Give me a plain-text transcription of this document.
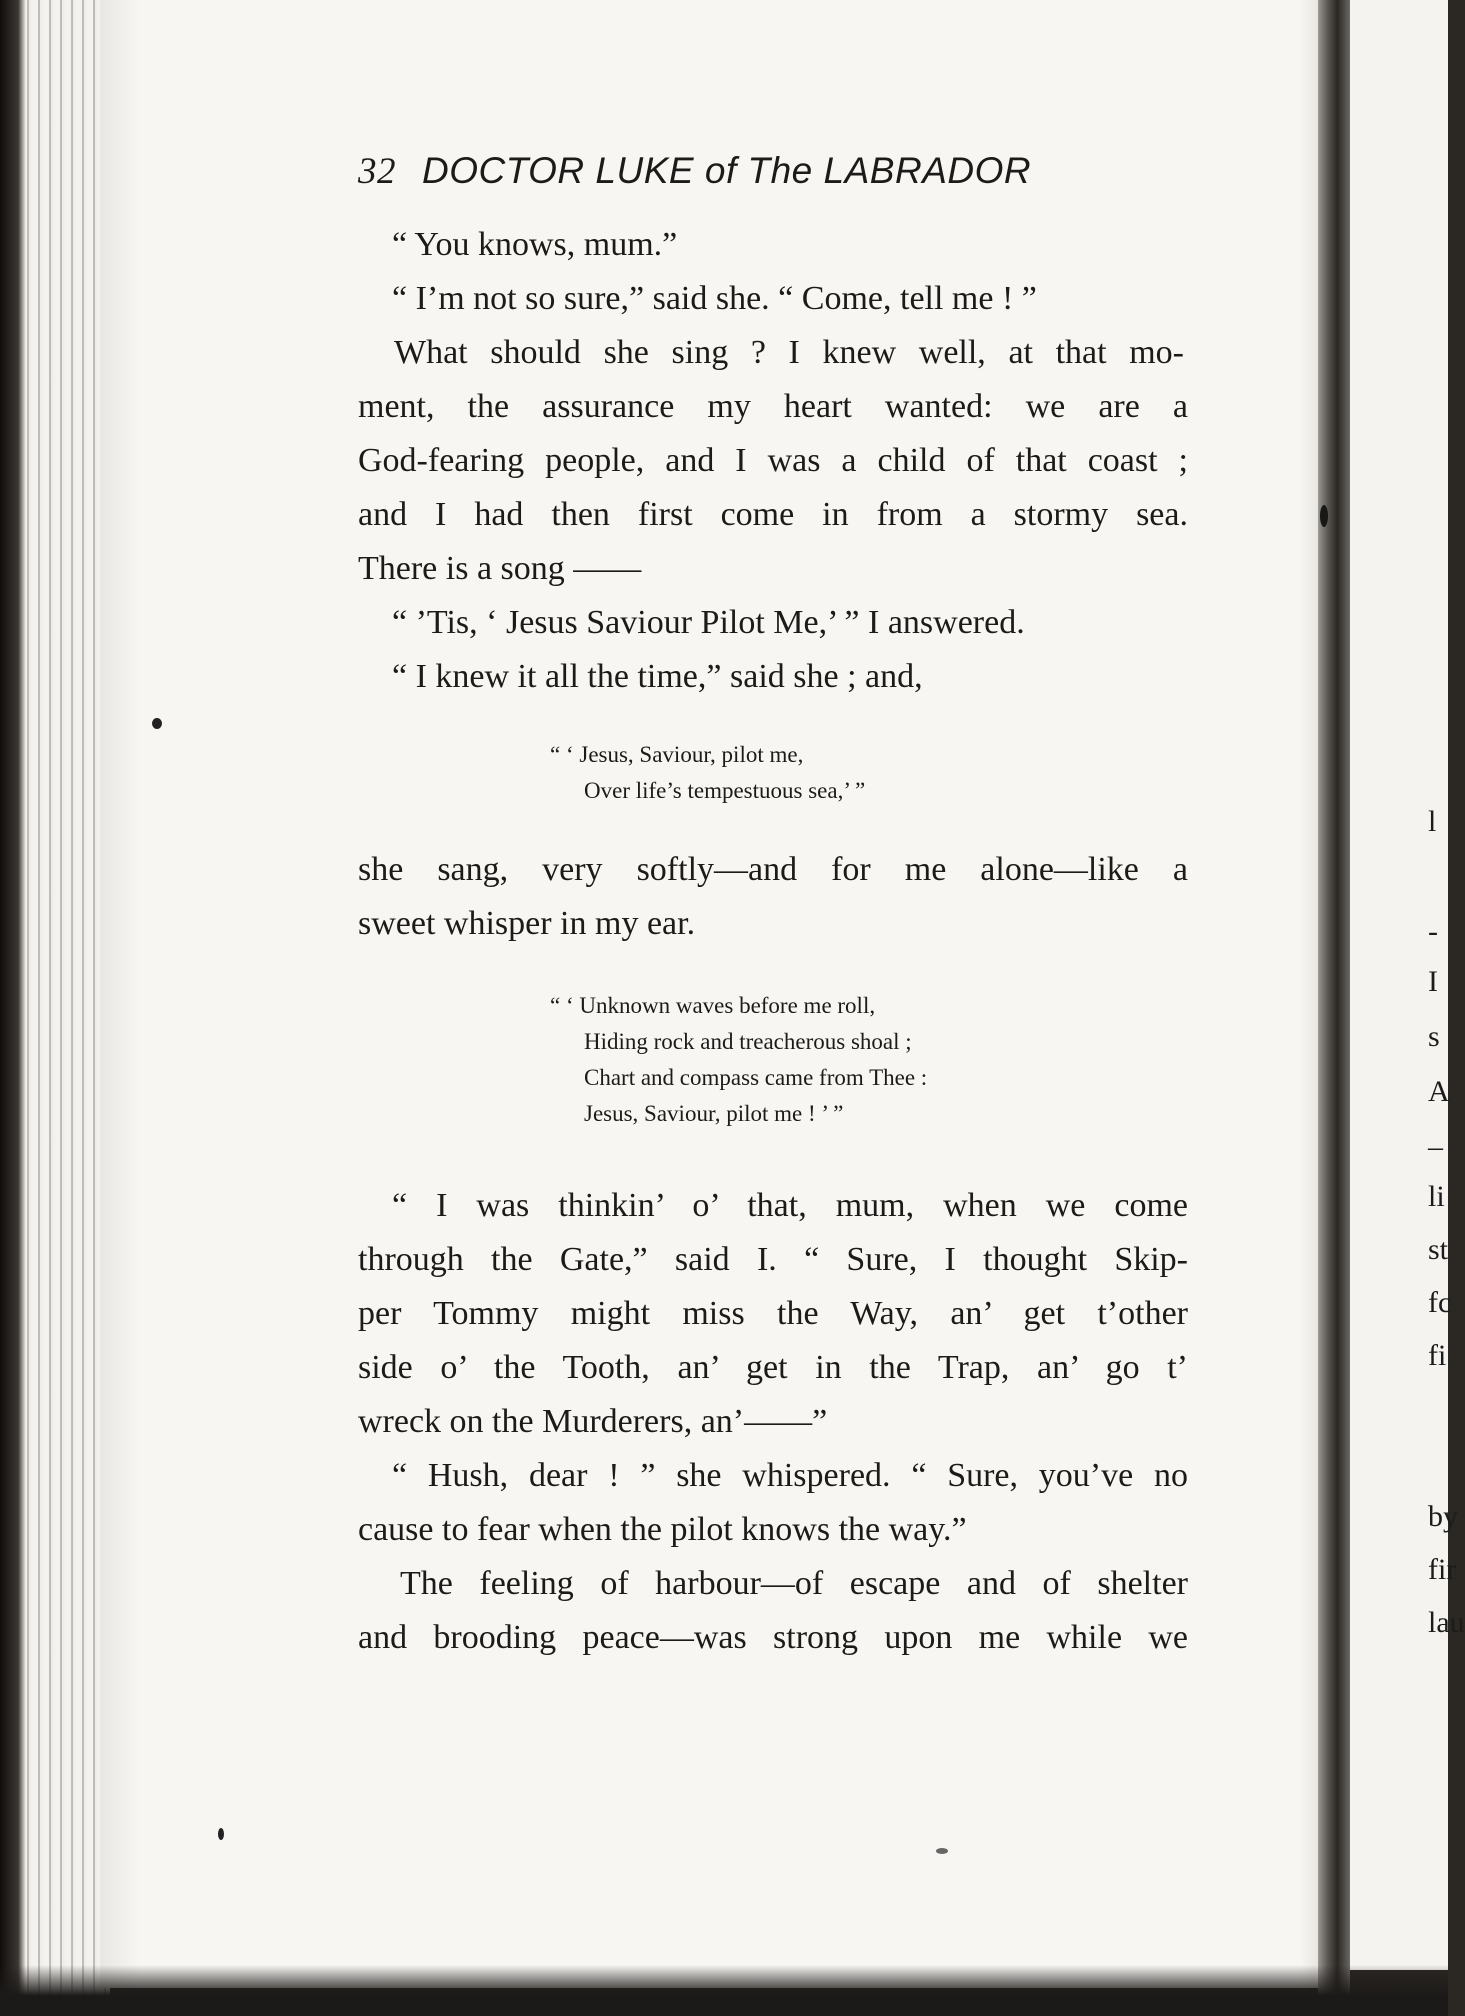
32 DOCTOR LUKE of The LABRADOR
“ You knows, mum.”
“ I’m not so sure,” said she. “ Come, tell me ! ”
What should she sing ? I knew well, at that mo-
ment, the assurance my heart wanted: we are a
God-fearing people, and I was a child of that coast ;
and I had then first come in from a stormy sea.
There is a song ——
“ ’Tis, ‘ Jesus Saviour Pilot Me,’ ” I answered.
“ I knew it all the time,” said she ; and,
“ ‘ Jesus, Saviour, pilot me,
Over life’s tempestuous sea,’ ”
she sang, very softly—and for me alone—like a
sweet whisper in my ear.
“ ‘ Unknown waves before me roll,
Hiding rock and treacherous shoal ;
Chart and compass came from Thee :
Jesus, Saviour, pilot me ! ’ ”
“ I was thinkin’ o’ that, mum, when we come
through the Gate,” said I. “ Sure, I thought Skip-
per Tommy might miss the Way, an’ get t’other
side o’ the Tooth, an’ get in the Trap, an’ go t’
wreck on the Murderers, an’——”
“ Hush, dear ! ” she whispered. “ Sure, you’ve no
cause to fear when the pilot knows the way.”
The feeling of harbour—of escape and of shelter
and brooding peace—was strong upon me while we
l
‑
I
s
A
–
li
st
fc
fi
by
fir
lau
